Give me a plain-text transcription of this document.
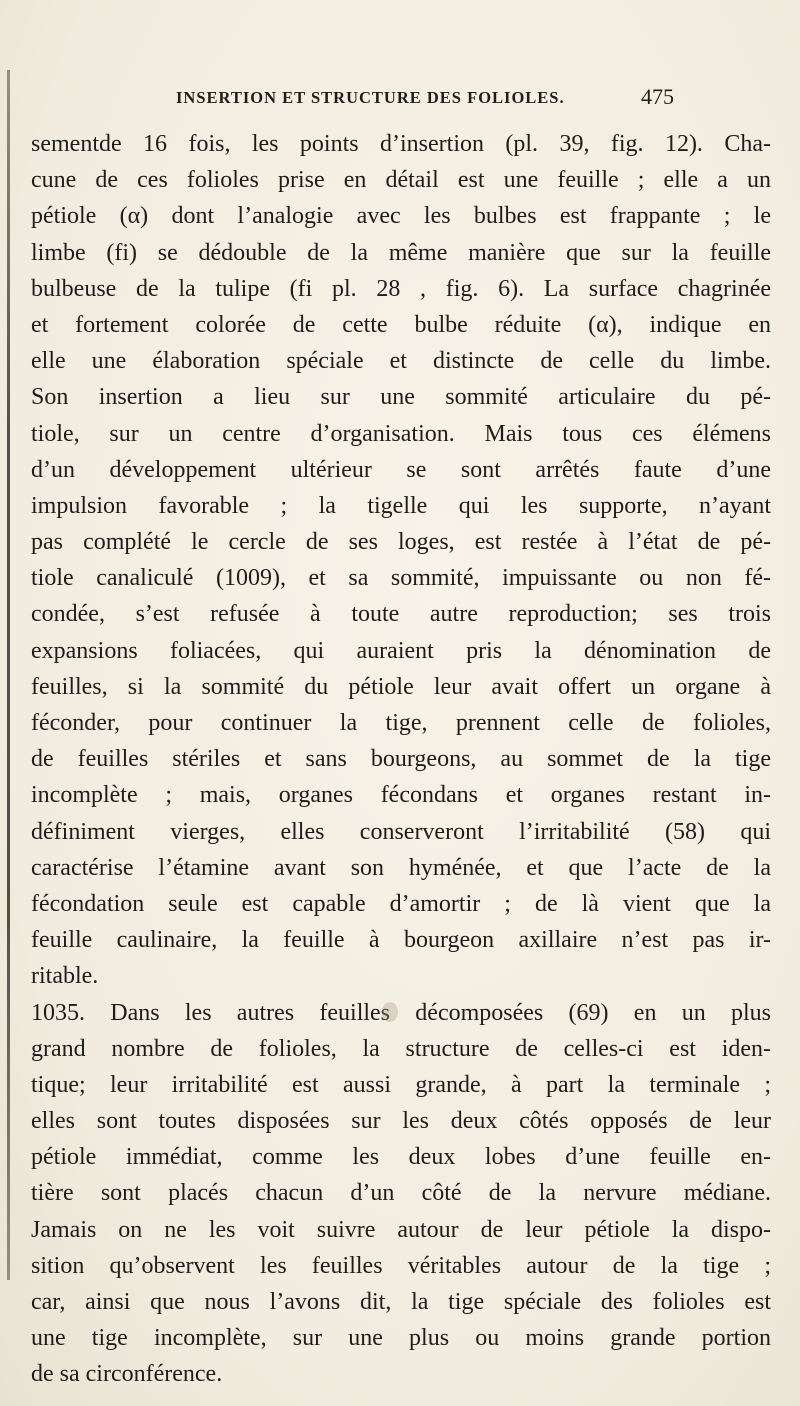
INSERTION ET STRUCTURE DES FOLIOLES.	475
sementde 16 fois, les points d’insertion (pl. 39, fig. 12). Cha-
cune de ces folioles prise en détail est une feuille ; elle a un
pétiole (α) dont l’analogie avec les bulbes est frappante ; le
limbe (fi) se dédouble de la même manière que sur la feuille
bulbeuse de la tulipe (fi pl. 28 , fig. 6). La surface chagrinée
et fortement colorée de cette bulbe réduite (α), indique en
elle une élaboration spéciale et distincte de celle du limbe.
Son insertion a lieu sur une sommité articulaire du pé-
tiole, sur un centre d’organisation. Mais tous ces élémens
d’un développement ultérieur se sont arrêtés faute d’une
impulsion favorable ; la tigelle qui les supporte, n’ayant
pas complété le cercle de ses loges, est restée à l’état de pé-
tiole canaliculé (1009), et sa sommité, impuissante ou non fé-
condée, s’est refusée à toute autre reproduction; ses trois
expansions foliacées, qui auraient pris la dénomination de
feuilles, si la sommité du pétiole leur avait offert un organe à
féconder, pour continuer la tige, prennent celle de folioles,
de feuilles stériles et sans bourgeons, au sommet de la tige
incomplète ; mais, organes fécondans et organes restant in-
définiment vierges, elles conserveront l’irritabilité (58) qui
caractérise l’étamine avant son hyménée, et que l’acte de la
fécondation seule est capable d’amortir ; de là vient que la
feuille caulinaire, la feuille à bourgeon axillaire n’est pas ir-
ritable.
1035. Dans les autres feuilles décomposées (69) en un plus
grand nombre de folioles, la structure de celles-ci est iden-
tique; leur irritabilité est aussi grande, à part la terminale ;
elles sont toutes disposées sur les deux côtés opposés de leur
pétiole immédiat, comme les deux lobes d’une feuille en-
tière sont placés chacun d’un côté de la nervure médiane.
Jamais on ne les voit suivre autour de leur pétiole la dispo-
sition qu’observent les feuilles véritables autour de la tige ;
car, ainsi que nous l’avons dit, la tige spéciale des folioles est
une tige incomplète, sur une plus ou moins grande portion
de sa circonférence.
